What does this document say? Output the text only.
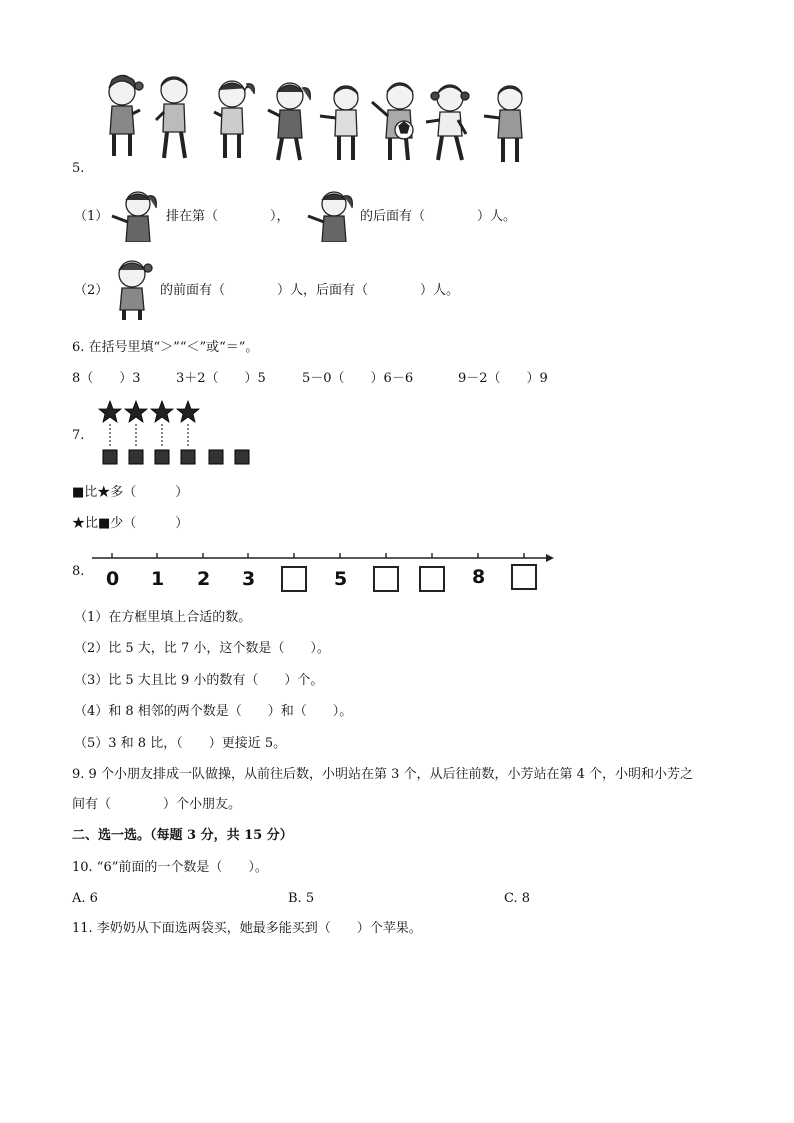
5.
（1）	排在第（　　　　），	的后面有（　　　　）人。
（2）	的前面有（　　　　）人，后面有（　　　　）人。
6. 在括号里填“＞”“＜”或“＝”。
8（　　）3	3＋2（　　）5	5－0（　　）6－6	9－2（　　）9
7.
■比★多（　　　）
★比■少（　　　）
8. 0 1 2 3	5	8
（1）在方框里填上合适的数。
（2）比 5 大，比 7 小，这个数是（　　）。
（3）比 5 大且比 9 小的数有（　　）个。
（4）和 8 相邻的两个数是（　　）和（　　）。
（5）3 和 8 比，（　　）更接近 5。
9. 9 个小朋友排成一队做操，从前往后数，小明站在第 3 个，从后往前数，小芳站在第 4 个，小明和小芳之
间有（　　　　）个小朋友。
二、选一选。（每题 3 分，共 15 分）
10. “6”前面的一个数是（　　）。
A. 6	B. 5	C. 8
11. 李奶奶从下面选两袋买，她最多能买到（　　）个苹果。
